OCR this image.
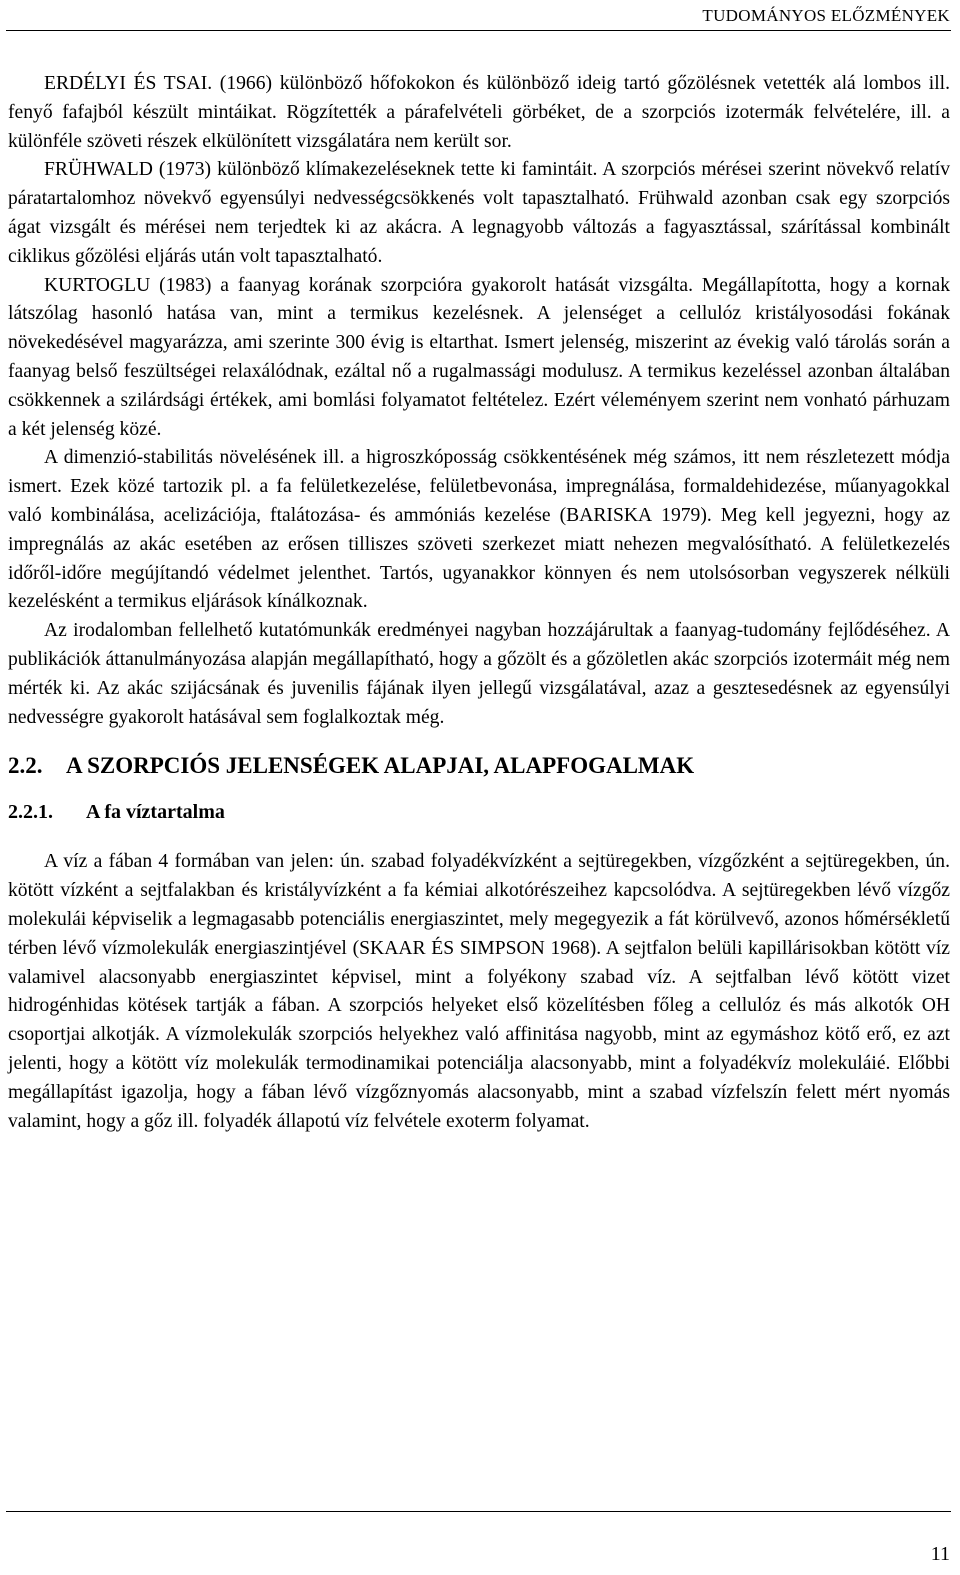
TUDOMÁNYOS ELŐZMÉNYEK

ERDÉLYI ÉS TSAI. (1966) különböző hőfokokon és különböző ideig tartó gőzölésnek vetették alá lombos ill. fenyő fafajból készült mintáikat. Rögzítették a párafelvételi görbéket, de a szorpciós izotermák felvételére, ill. a különféle szöveti részek elkülönített vizsgálatára nem került sor.

FRÜHWALD (1973) különböző klímakezeléseknek tette ki famintáit. A szorpciós mérései szerint növekvő relatív páratartalomhoz növekvő egyensúlyi nedvességcsökkenés volt tapasztalható. Frühwald azonban csak egy szorpciós ágat vizsgált és mérései nem terjedtek ki az akácra. A legnagyobb változás a fagyasztással, szárítással kombinált ciklikus gőzölési eljárás után volt tapasztalható.

KURTOGLU (1983) a faanyag korának szorpcióra gyakorolt hatását vizsgálta. Megállapította, hogy a kornak látszólag hasonló hatása van, mint a termikus kezelésnek. A jelenséget a cellulóz kristályosodási fokának növekedésével magyarázza, ami szerinte 300 évig is eltarthat. Ismert jelenség, miszerint az évekig való tárolás során a faanyag belső feszültségei relaxálódnak, ezáltal nő a rugalmassági modulusz. A termikus kezeléssel azonban általában csökkennek a szilárdsági értékek, ami bomlási folyamatot feltételez. Ezért véleményem szerint nem vonható párhuzam a két jelenség közé.

A dimenzió-stabilitás növelésének ill. a higroszkóposság csökkentésének még számos, itt nem részletezett módja ismert. Ezek közé tartozik pl. a fa felületkezelése, felületbevonása, impregnálása, formaldehidezése, műanyagokkal való kombinálása, acelizációja, ftalátozása- és ammóniás kezelése (BARISKA 1979). Meg kell jegyezni, hogy az impregnálás az akác esetében az erősen tilliszes szöveti szerkezet miatt nehezen megvalósítható. A felületkezelés időről-időre megújítandó védelmet jelenthet. Tartós, ugyanakkor könnyen és nem utolsósorban vegyszerek nélküli kezelésként a termikus eljárások kínálkoznak.

Az irodalomban fellelhető kutatómunkák eredményei nagyban hozzájárultak a faanyag-tudomány fejlődéséhez. A publikációk áttanulmányozása alapján megállapítható, hogy a gőzölt és a gőzöletlen akác szorpciós izotermáit még nem mérték ki. Az akác szijácsának és juvenilis fájának ilyen jellegű vizsgálatával, azaz a gesztesedésnek az egyensúlyi nedvességre gyakorolt hatásával sem foglalkoztak még.

2.2. A SZORPCIÓS JELENSÉGEK ALAPJAI, ALAPFOGALMAK
2.2.1. A fa víztartalma

A víz a fában 4 formában van jelen: ún. szabad folyadékvízként a sejtüregekben, vízgőzként a sejtüregekben, ún. kötött vízként a sejtfalakban és kristályvízként a fa kémiai alkotórészeihez kapcsolódva. A sejtüregekben lévő vízgőz molekulái képviselik a legmagasabb potenciális energiaszintet, mely megegyezik a fát körülvevő, azonos hőmérsékletű térben lévő vízmolekulák energiaszintjével (SKAAR ÉS SIMPSON 1968). A sejtfalon belüli kapillárisokban kötött víz valamivel alacsonyabb energiaszintet képvisel, mint a folyékony szabad víz. A sejtfalban lévő kötött vizet hidrogénhidas kötések tartják a fában. A szorpciós helyeket első közelítésben főleg a cellulóz és más alkotók OH csoportjai alkotják. A vízmolekulák szorpciós helyekhez való affinitása nagyobb, mint az egymáshoz kötő erő, ez azt jelenti, hogy a kötött víz molekulák termodinamikai potenciálja alacsonyabb, mint a folyadékvíz molekuláié. Előbbi megállapítást igazolja, hogy a fában lévő vízgőznyomás alacsonyabb, mint a szabad vízfelszín felett mért nyomás valamint, hogy a gőz ill. folyadék állapotú víz felvétele exoterm folyamat.

11
